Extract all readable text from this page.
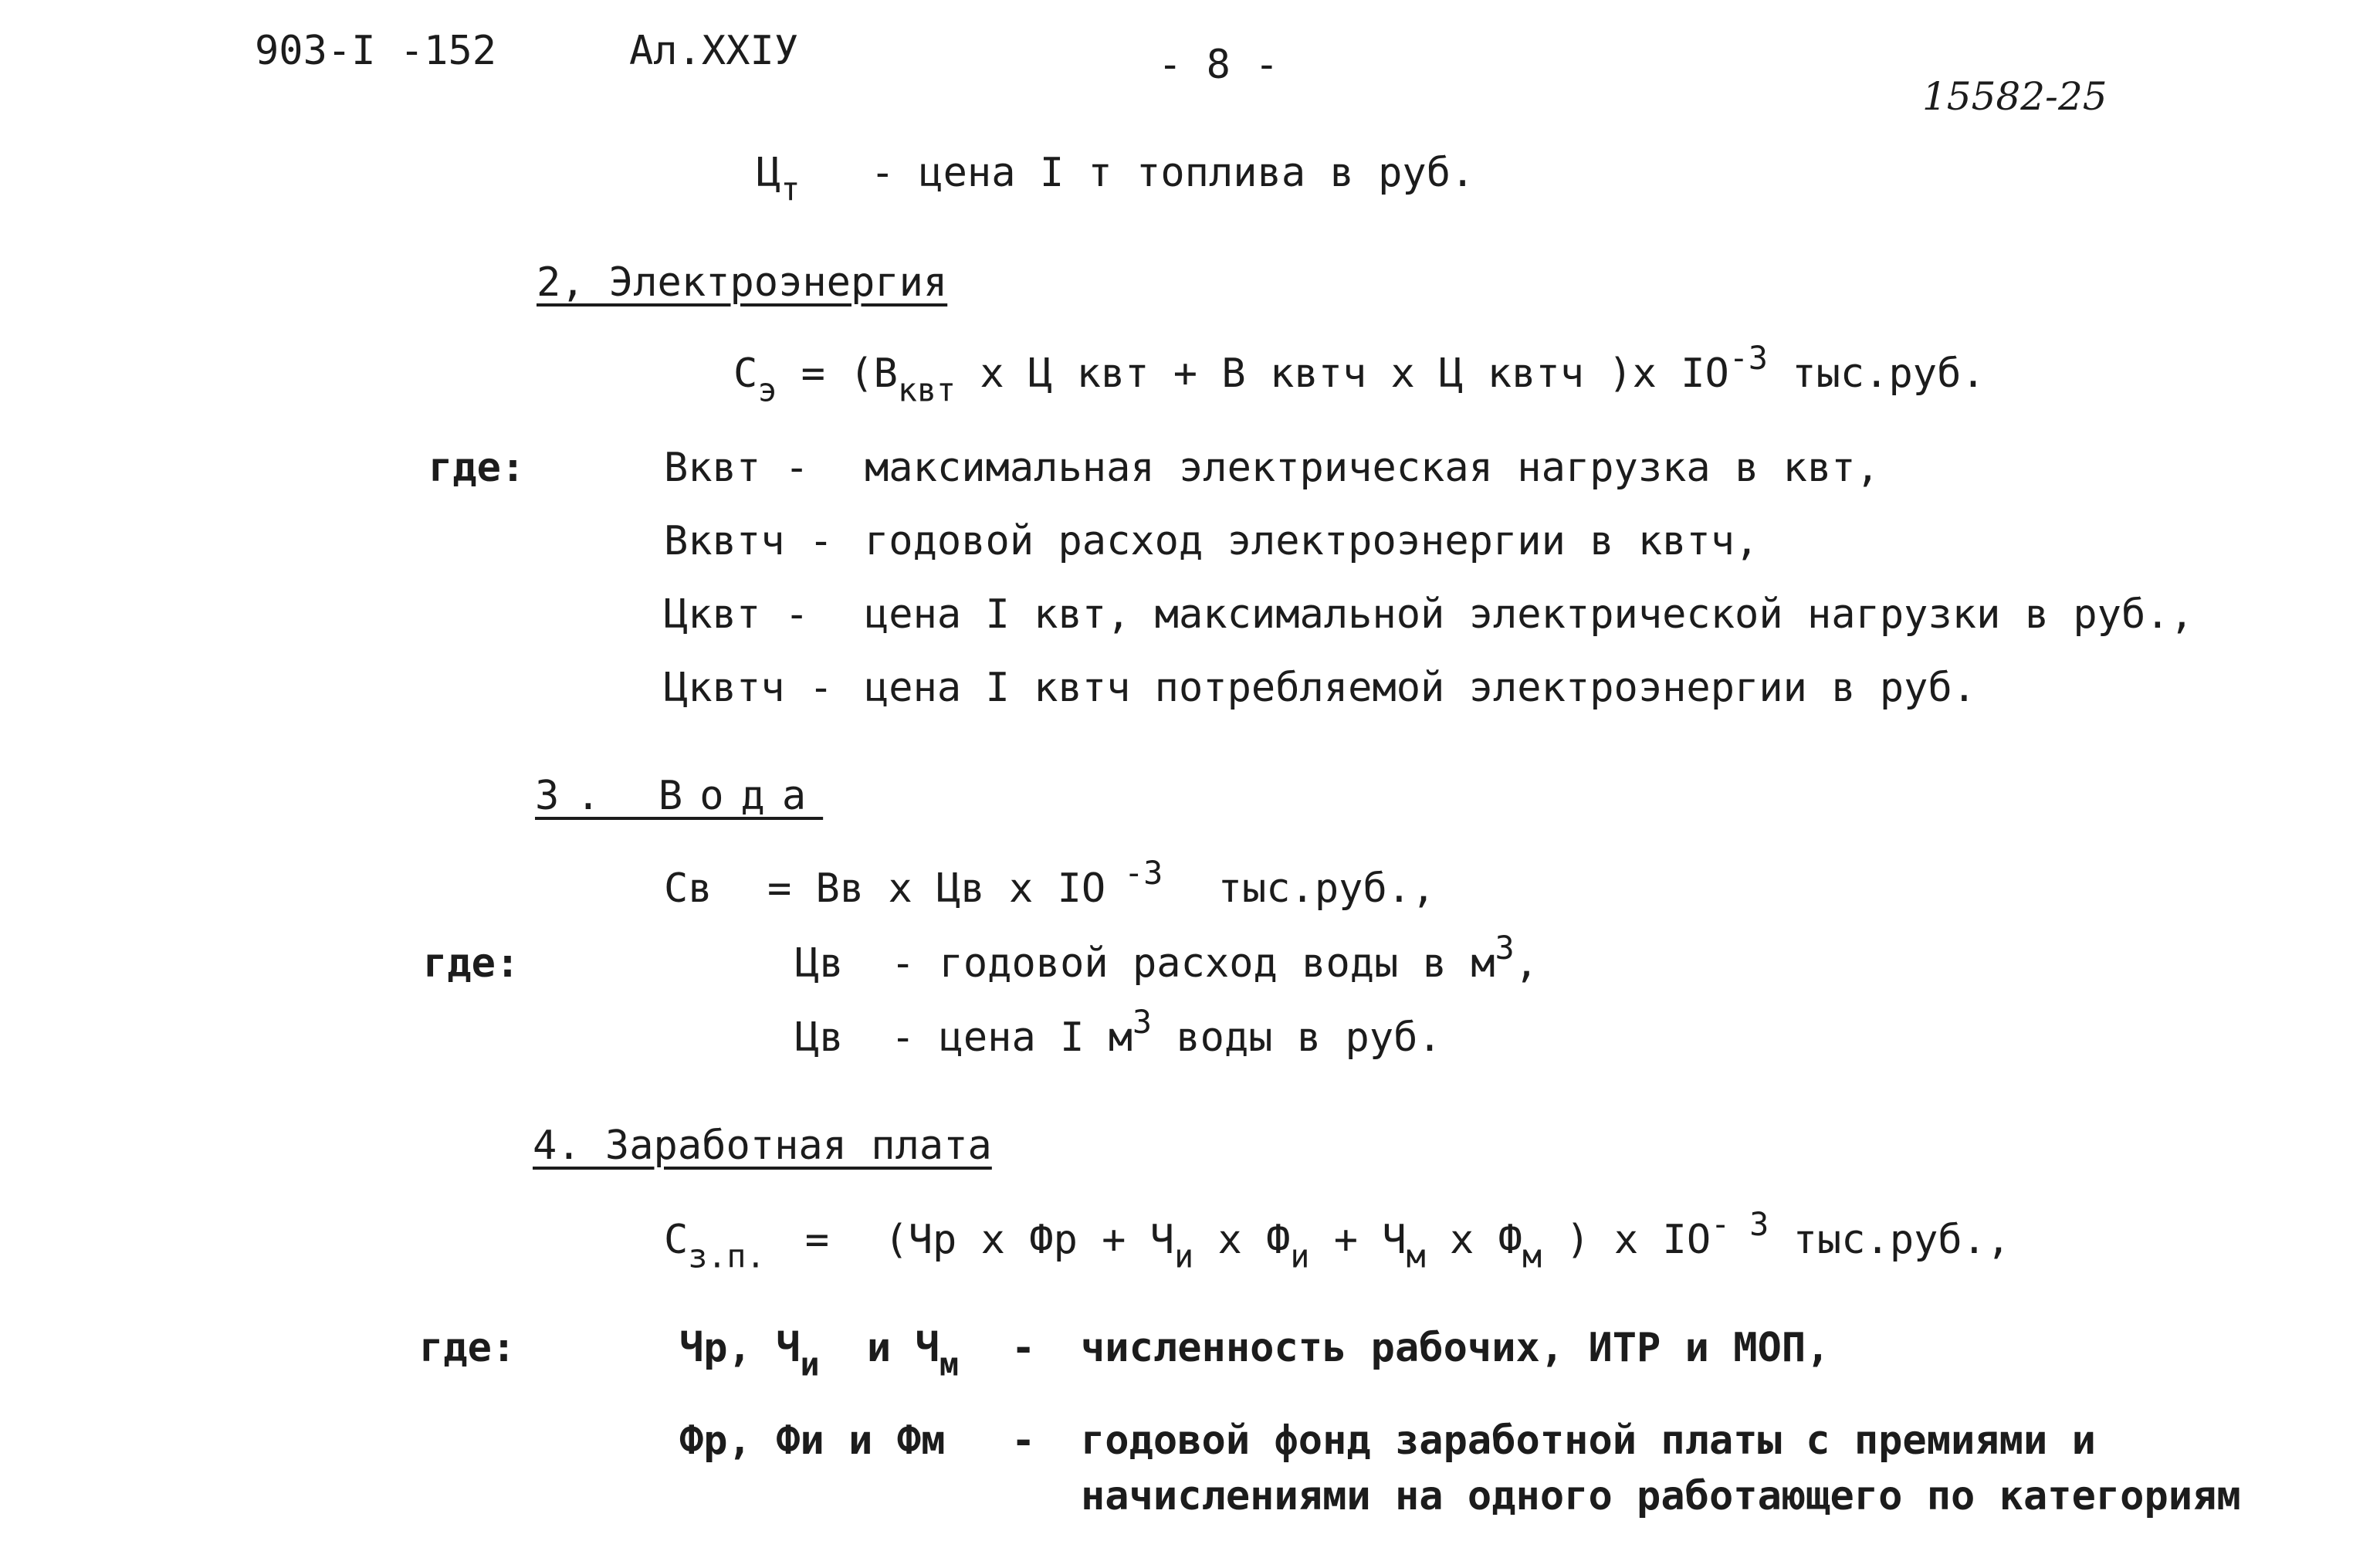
903-I -152	Ал.XXIУ	- 8 -
15582-25
$Ц_т$ - цена I т топлива в руб.
2, Электроэнергия
$С_э = (В_{квт}$ x Ц квт + В квтч x Ц квтч )x $IO^{-3}$ тыс.руб.
где:	Вквт - максимальная электрическая нагрузка в квт,
Вквтч - годовой расход электроэнергии в квтч,
Цквт - цена I квт, максимальной электрической нагрузки в руб.,
Цквтч - цена I квтч потребляемой электроэнергии в руб.
3. Вода
Св = Вв x Цв x IO $^{-3}$ тыс.руб.,
где:	Цв - годовой расход воды в $м^3$,
Цв - цена I $м^3$ воды в руб.
4. Заработная плата
$С_{з.п.} = (Чр$ x Фр + $Ч_и$ x $Ф_и + Ч_м$ x $Ф_м$ ) x $IO^{- 3}$ тыс.руб.,
где:	Чр, $Ч_и$ и $Ч_м$ - численность рабочих, ИТР и МОП,
Фр, Фи и Фм - годовой фонд заработной платы с премиями и
начислениями на одного работающего по категориям
